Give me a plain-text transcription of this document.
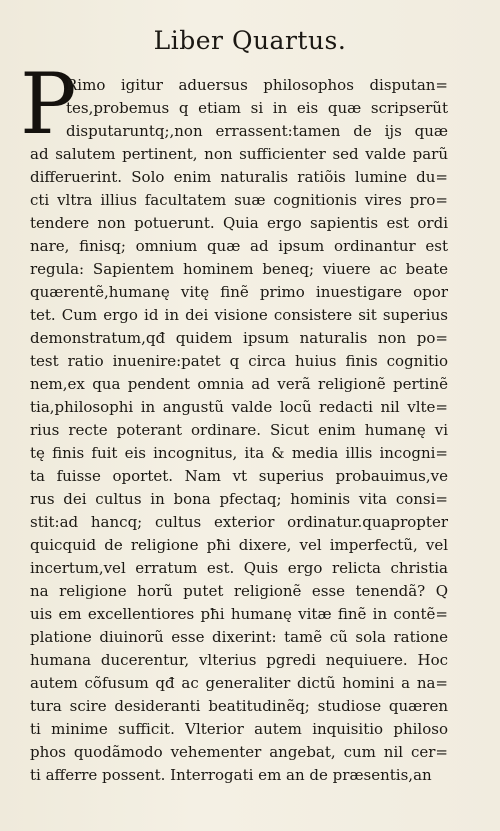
Liber Quartus.
P
Rimo igitur aduersus philosophos disputan=
tes,probemus q etiam si in eis quæ scripserũt
disputaruntq;,non errassent:tamen de ijs quæ
ad salutem pertinent, non sufficienter sed valde parũ
differuerint. Solo enim naturalis ratiõis lumine du=
cti vltra illius facultatem suæ cognitionis vires pro=
tendere non potuerunt. Quia ergo sapientis est ordi
nare, finisq; omnium quæ ad ipsum ordinantur est
regula: Sapientem hominem beneq; viuere ac beate
quærentẽ,humanę vitę finẽ primo inuestigare opor
tet. Cum ergo id in dei visione consistere sit superius
demonstratum,qđ quidem ipsum naturalis non po=
test ratio inuenire:patet q circa huius finis cognitio
nem,ex qua pendent omnia ad verã religionẽ pertinẽ
tia,philosophi in angustũ valde locũ redacti nil vlte=
rius recte poterant ordinare. Sicut enim humanę vi
tę finis fuit eis incognitus, ita & media illis incogni=
ta fuisse oportet. Nam vt superius probauimus,ve
rus dei cultus in bona pfectaq; hominis vita consi=
stit:ad hancq; cultus exterior ordinatur.quapropter
quicquid de religione pħi dixere, vel imperfectũ, vel
incertum,vel erratum est. Quis ergo relicta christia
na religione horũ putet religionẽ esse tenendã? Q
uis em excellentiores pħi humanę vitæ finẽ in contẽ=
platione diuinorũ esse dixerint: tamẽ cũ sola ratione
humana ducerentur, vlterius pgredi nequiuere. Hoc
autem cõfusum qđ ac generaliter dictũ homini a na=
tura scire desideranti beatitudinẽq; studiose quæren
ti minime sufficit. Vlterior autem inquisitio philoso
phos quodãmodo vehementer angebat, cum nil cer=
ti afferre possent. Interrogati em an de præsentis,an
